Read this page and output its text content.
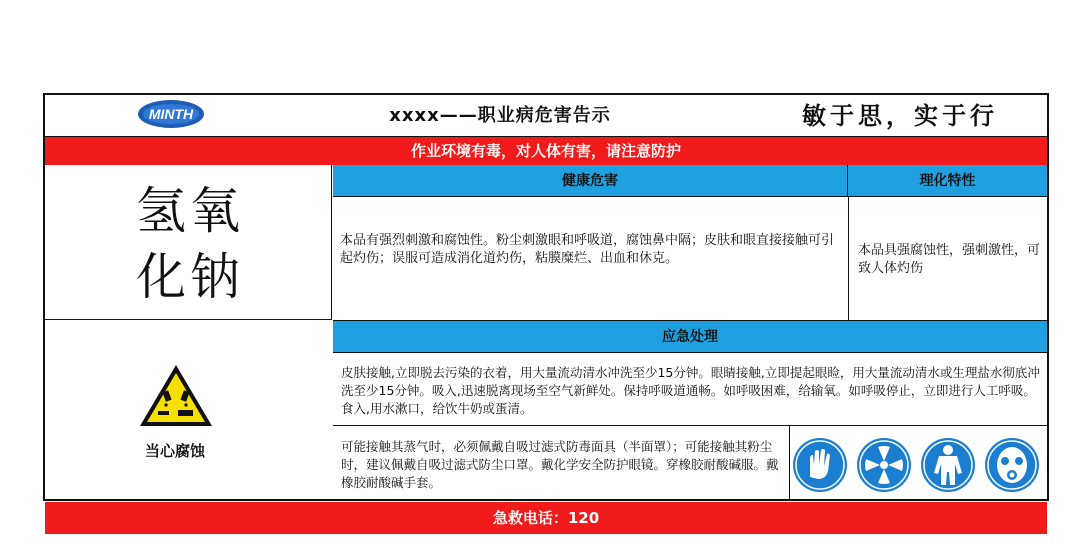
MINTH	xxxx——职业病危害告示	敏于思，实于行
作业环境有毒，对人体有害，请注意防护
氢氧
化钠
健康危害	理化特性
本品有强烈刺激和腐蚀性。粉尘刺激眼和呼吸道，腐蚀鼻中隔；皮肤和眼直接接触可引起灼伤；误服可造成消化道灼伤，粘膜糜烂、出血和休克。
本品具强腐蚀性，强刺激性，可致人体灼伤
应急处理
皮肤接触,立即脱去污染的衣着，用大量流动清水冲洗至少15分钟。眼睛接触,立即提起眼睑，用大量流动清水或生理盐水彻底冲洗至少15分钟。吸入,迅速脱离现场至空气新鲜处。保持呼吸道通畅。如呼吸困难，给输氧。如呼吸停止，立即进行人工呼吸。食入,用水漱口，给饮牛奶或蛋清。
可能接触其蒸气时，必须佩戴自吸过滤式防毒面具（半面罩）；可能接触其粉尘时，建议佩戴自吸过滤式防尘口罩。戴化学安全防护眼镜。穿橡胶耐酸碱服。戴橡胶耐酸碱手套。
当心腐蚀
急救电话：120
